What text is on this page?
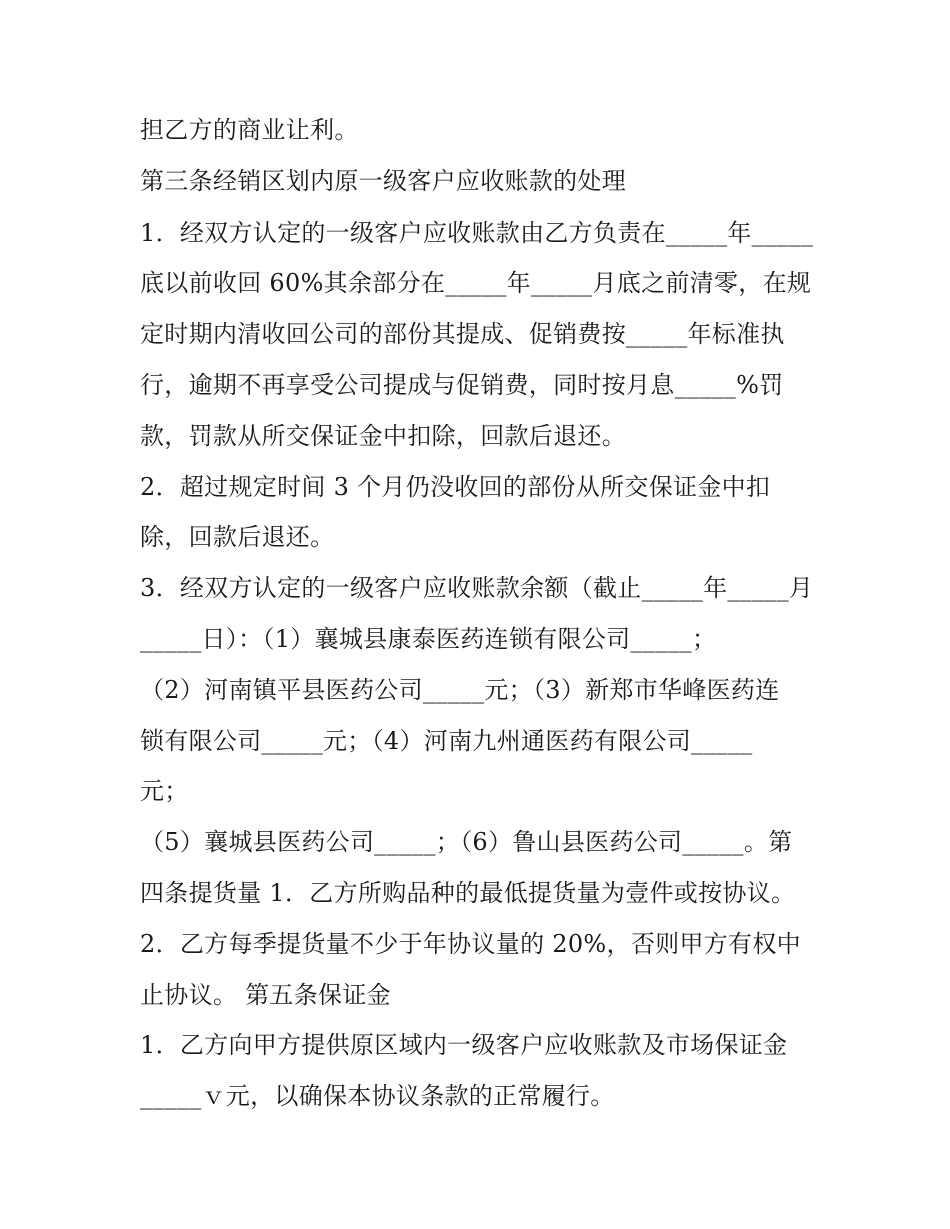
担乙方的商业让利。
第三条经销区划内原一级客户应收账款的处理
1．经双方认定的一级客户应收账款由乙方负责在_____年_____
底以前收回 60%其余部分在_____年_____月底之前清零，在规
定时期内清收回公司的部份其提成、促销费按_____年标准执
行，逾期不再享受公司提成与促销费，同时按月息_____%罚
款，罚款从所交保证金中扣除，回款后退还。
2．超过规定时间 3 个月仍没收回的部份从所交保证金中扣
除，回款后退还。
3．经双方认定的一级客户应收账款余额（截止_____年_____月
_____日）：（1）襄城县康泰医药连锁有限公司_____；
（2）河南镇平县医药公司_____元；（3）新郑市华峰医药连
锁有限公司_____元；（4）河南九州通医药有限公司_____
元；
（5）襄城县医药公司_____；（6）鲁山县医药公司_____。第
四条提货量 1．乙方所购品种的最低提货量为壹件或按协议。
2．乙方每季提货量不少于年协议量的 20%，否则甲方有权中
止协议。 第五条保证金
1．乙方向甲方提供原区域内一级客户应收账款及市场保证金
_____ｖ元，以确保本协议条款的正常履行。
